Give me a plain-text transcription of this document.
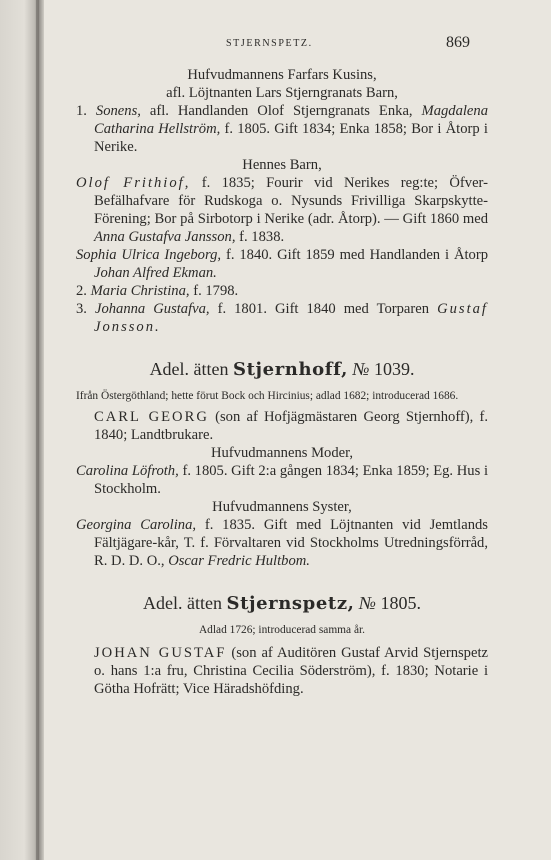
STJERNSPETZ.	869
Hufvudmannens Farfars Kusins,
afl. Löjtnanten Lars Stjerngranats Barn,
1. Sonens, afl. Handlanden Olof Stjerngranats Enka, Magdalena Catharina Hellström, f. 1805. Gift 1834; Enka 1858; Bor i Åtorp i Nerike.
Hennes Barn,
Olof Frithiof, f. 1835; Fourir vid Nerikes reg:te; Öfver-Befälhafvare för Rudskoga o. Nysunds Frivilliga Skarpskytte-Förening; Bor på Sirbotorp i Nerike (adr. Åtorp). — Gift 1860 med Anna Gustafva Jansson, f. 1838.
Sophia Ulrica Ingeborg, f. 1840. Gift 1859 med Handlanden i Åtorp Johan Alfred Ekman.
2. Maria Christina, f. 1798.
3. Johanna Gustafva, f. 1801. Gift 1840 med Torparen Gustaf Jonsson.
Adel. ätten Stjernhoff, № 1039.
Ifrån Östergöthland; hette förut Bock och Hircinius; adlad 1682; introducerad 1686.
CARL GEORG (son af Hofjägmästaren Georg Stjernhoff), f. 1840; Landtbrukare.
Hufvudmannens Moder,
Carolina Löfroth, f. 1805. Gift 2:a gången 1834; Enka 1859; Eg. Hus i Stockholm.
Hufvudmannens Syster,
Georgina Carolina, f. 1835. Gift med Löjtnanten vid Jemtlands Fältjägare-kår, T. f. Förvaltaren vid Stockholms Utredningsförråd, R. D. D. O., Oscar Fredric Hultbom.
Adel. ätten Stjernspetz, № 1805.
Adlad 1726; introducerad samma år.
JOHAN GUSTAF (son af Auditören Gustaf Arvid Stjernspetz o. hans 1:a fru, Christina Cecilia Söderström), f. 1830; Notarie i Götha Hofrätt; Vice Häradshöfding.
